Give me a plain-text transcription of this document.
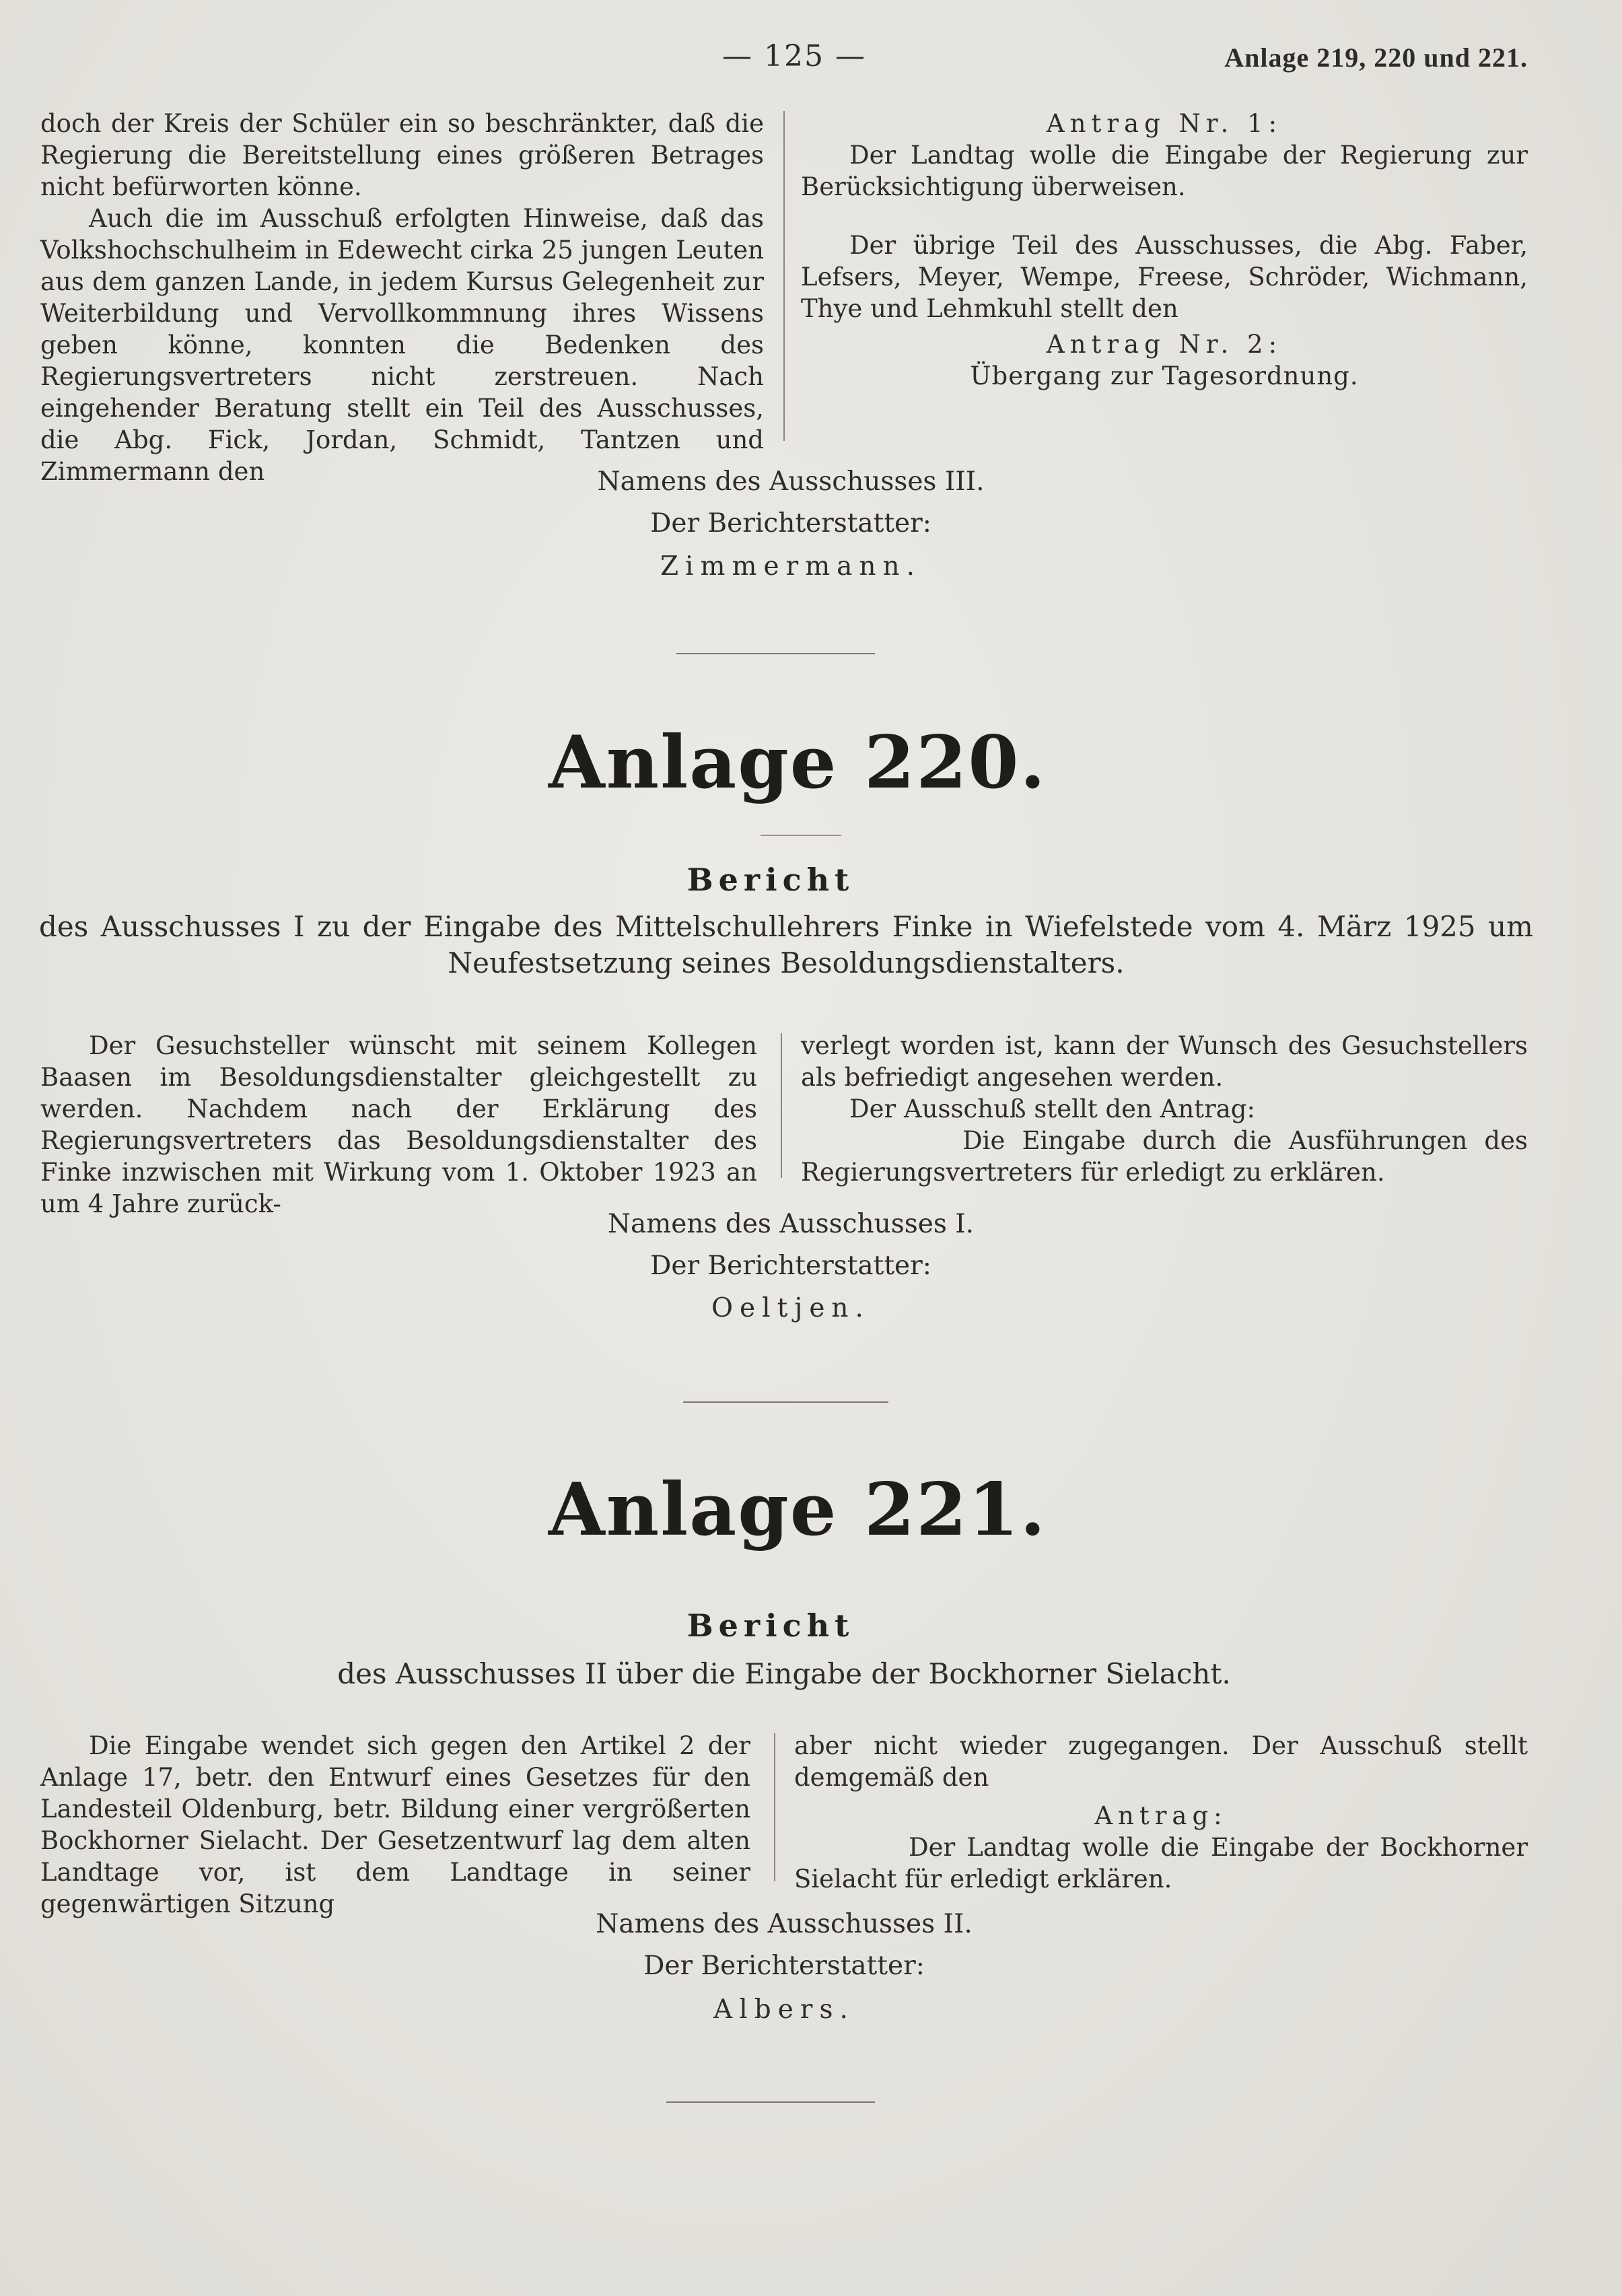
— 125 —	Anlage 219, 220 und 221.

doch der Kreis der Schüler ein so beschränkter, daß die Regierung die Bereitstellung eines größeren Betrages nicht befürworten könne.

Auch die im Ausschuß erfolgten Hinweise, daß das Volkshochschulheim in Edewecht cirka 25 jungen Leuten aus dem ganzen Lande, in jedem Kursus Gelegenheit zur Weiterbildung und Vervollkommnung ihres Wissens geben könne, konnten die Bedenken des Regierungsvertreters nicht zerstreuen. Nach eingehender Beratung stellt ein Teil des Ausschusses, die Abg. Fick, Jordan, Schmidt, Tantzen und Zimmermann den

Antrag Nr. 1:

Der Landtag wolle die Eingabe der Regierung zur Berücksichtigung überweisen.

Der übrige Teil des Ausschusses, die Abg. Faber, Lefsers, Meyer, Wempe, Freese, Schröder, Wichmann, Thye und Lehmkuhl stellt den

Antrag Nr. 2:

Übergang zur Tagesordnung.

Namens des Ausschusses III.
Der Berichterstatter:
Zimmermann.
Anlage 220.
Bericht
des Ausschusses I zu der Eingabe des Mittelschullehrers Finke in Wiefelstede vom 4. März 1925 um Neufestsetzung seines Besoldungsdienstalters.

Der Gesuchsteller wünscht mit seinem Kollegen Baasen im Besoldungsdienstalter gleichgestellt zu werden. Nachdem nach der Erklärung des Regierungsvertreters das Besoldungsdienstalter des Finke inzwischen mit Wirkung vom 1. Oktober 1923 an um 4 Jahre zurück-

verlegt worden ist, kann der Wunsch des Gesuchstellers als befriedigt angesehen werden.

Der Ausschuß stellt den Antrag:

Die Eingabe durch die Ausführungen des Regierungsvertreters für erledigt zu erklären.

Namens des Ausschusses I.
Der Berichterstatter:
Oeltjen.
Anlage 221.
Bericht
des Ausschusses II über die Eingabe der Bockhorner Sielacht.

Die Eingabe wendet sich gegen den Artikel 2 der Anlage 17, betr. den Entwurf eines Gesetzes für den Landesteil Oldenburg, betr. Bildung einer vergrößerten Bockhorner Sielacht. Der Gesetzentwurf lag dem alten Landtage vor, ist dem Landtage in seiner gegenwärtigen Sitzung

aber nicht wieder zugegangen. Der Ausschuß stellt demgemäß den

Antrag:

Der Landtag wolle die Eingabe der Bockhorner Sielacht für erledigt erklären.

Namens des Ausschusses II.
Der Berichterstatter:
Albers.
